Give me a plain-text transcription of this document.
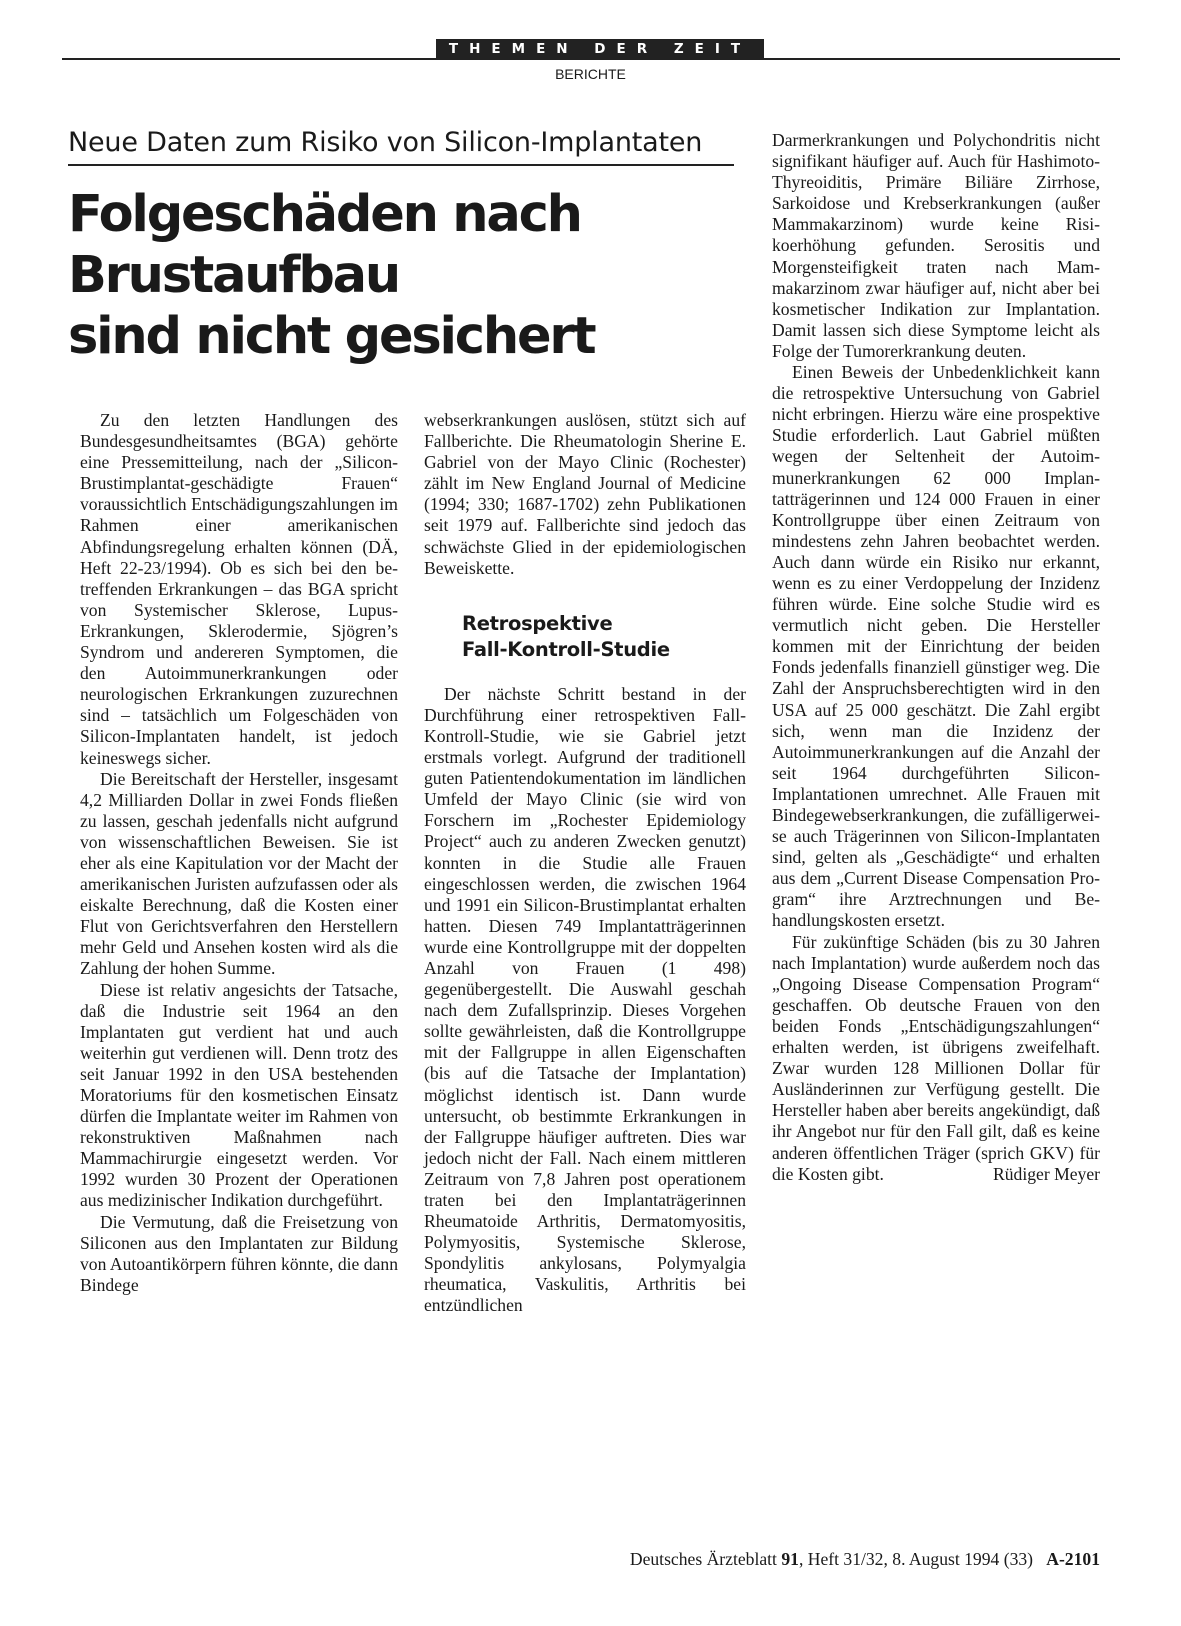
THEMEN DER ZEIT
BERICHTE
Neue Daten zum Risiko von Silicon-Implantaten
Folgeschäden nach
Brustaufbau
sind nicht gesichert

Zu den letzten Handlungen des Bundesgesundheitsamtes (BGA) gehörte eine Pressemitteilung, nach der „Silicon-Brustimplantat-geschädigte Frauen“ voraussichtlich Entschädigungszahlungen im Rahmen einer amerikanischen Abfindungsregelung erhalten können (DÄ, Heft 22-23/1994). Ob es sich bei den betreffenden Erkrankungen – das BGA spricht von Systemischer Sklerose, Lupus-Erkrankungen, Sklerodermie, Sjögren’s Syndrom und andereren Symptomen, die den Autoimmunerkrankungen oder neurologischen Erkrankungen zuzurechnen sind – tatsächlich um Folgeschäden von Silicon-Implantaten handelt, ist jedoch keineswegs sicher.

Die Bereitschaft der Hersteller, insgesamt 4,2 Milliarden Dollar in zwei Fonds fließen zu lassen, geschah jedenfalls nicht aufgrund von wissenschaftlichen Beweisen. Sie ist eher als eine Kapitulation vor der Macht der amerikanischen Juristen aufzufassen oder als eiskalte Berechnung, daß die Kosten einer Flut von Gerichtsverfahren den Herstellern mehr Geld und Ansehen kosten wird als die Zahlung der hohen Summe.

Diese ist relativ angesichts der Tatsache, daß die Industrie seit 1964 an den Implantaten gut verdient hat und auch weiterhin gut verdienen will. Denn trotz des seit Januar 1992 in den USA bestehenden Moratoriums für den kosmetischen Einsatz dürfen die Implantate weiter im Rahmen von rekonstruktiven Maßnahmen nach Mammachirurgie eingesetzt werden. Vor 1992 wurden 30 Prozent der Operationen aus medizinischer Indikation durchgeführt.

Die Vermutung, daß die Freisetzung von Siliconen aus den Implantaten zur Bildung von Autoantikörpern führen könnte, die dann Bindege

webserkrankungen auslösen, stützt sich auf Fallberichte. Die Rheumatologin Sherine E. Gabriel von der Mayo Clinic (Rochester) zählt im New England Journal of Medicine (1994; 330; 1687-1702) zehn Publikationen seit 1979 auf. Fallberichte sind jedoch das schwächste Glied in der epidemiologischen Beweiskette.

Retrospektive
Fall-Kontroll-Studie

Der nächste Schritt bestand in der Durchführung einer retrospektiven Fall-Kontroll-Studie, wie sie Gabriel jetzt erstmals vorlegt. Aufgrund der traditionell guten Patientendokumentation im ländlichen Umfeld der Mayo Clinic (sie wird von Forschern im „Rochester Epidemiology Project“ auch zu anderen Zwecken genutzt) konnten in die Studie alle Frauen eingeschlossen werden, die zwischen 1964 und 1991 ein Silicon-Brustimplantat erhalten hatten. Diesen 749 Implantatträgerinnen wurde eine Kontrollgruppe mit der doppelten Anzahl von Frauen (1 498) gegenübergestellt. Die Auswahl geschah nach dem Zufallsprinzip. Dieses Vorgehen sollte gewährleisten, daß die Kontrollgruppe mit der Fallgruppe in allen Eigenschaften (bis auf die Tatsache der Implantation) möglichst identisch ist. Dann wurde untersucht, ob bestimmte Erkrankungen in der Fallgruppe häufiger auftreten. Dies war jedoch nicht der Fall. Nach einem mittleren Zeitraum von 7,8 Jahren post operationem traten bei den Implantaträgerinnen Rheumatoide Arthritis, Dermatomyositis, Polymyositis, Systemische Sklerose, Spondylitis ankylosans, Polymyalgia rheumatica, Vaskulitis, Arthritis bei entzündlichen

Darmerkrankungen und Polychondritis nicht signifikant häufiger auf. Auch für Hashimoto-Thyreoiditis, Primäre Biliäre Zirrhose, Sarkoidose und Krebserkrankungen (außer Mammakarzinom) wurde keine Risikoerhöhung gefunden. Serositis und Morgensteifigkeit traten nach Mammakarzinom zwar häufiger auf, nicht aber bei kosmetischer Indikation zur Implantation. Damit lassen sich diese Symptome leicht als Folge der Tumorerkrankung deuten.

Einen Beweis der Unbedenklichkeit kann die retrospektive Untersuchung von Gabriel nicht erbringen. Hierzu wäre eine prospektive Studie erforderlich. Laut Gabriel müßten wegen der Seltenheit der Autoimmunerkrankungen 62 000 Implantatträgerinnen und 124 000 Frauen in einer Kontrollgruppe über einen Zeitraum von mindestens zehn Jahren beobachtet werden. Auch dann würde ein Risiko nur erkannt, wenn es zu einer Verdoppelung der Inzidenz führen würde. Eine solche Studie wird es vermutlich nicht geben. Die Hersteller kommen mit der Einrichtung der beiden Fonds jedenfalls finanziell günstiger weg. Die Zahl der Anspruchsberechtigten wird in den USA auf 25 000 geschätzt. Die Zahl ergibt sich, wenn man die Inzidenz der Autoimmunerkrankungen auf die Anzahl der seit 1964 durchgeführten Silicon-Implantationen umrechnet. Alle Frauen mit Bindegewebserkrankungen, die zufälligerweise auch Trägerinnen von Silicon-Implantaten sind, gelten als „Geschädigte“ und erhalten aus dem „Current Disease Compensation Program“ ihre Arztrechnungen und Behandlungskosten ersetzt.

Für zukünftige Schäden (bis zu 30 Jahren nach Implantation) wurde außerdem noch das „Ongoing Disease Compensation Program“ geschaffen. Ob deutsche Frauen von den beiden Fonds „Entschädigungszahlungen“ erhalten werden, ist übrigens zweifelhaft. Zwar wurden 128 Millionen Dollar für Ausländerinnen zur Verfügung gestellt. Die Hersteller haben aber bereits angekündigt, daß ihr Angebot nur für den Fall gilt, daß es keine anderen öffentlichen Träger (sprich GKV) für die Kosten gibt.	Rüdiger Meyer

Deutsches Ärzteblatt 91, Heft 31/32, 8. August 1994 (33) A-2101
